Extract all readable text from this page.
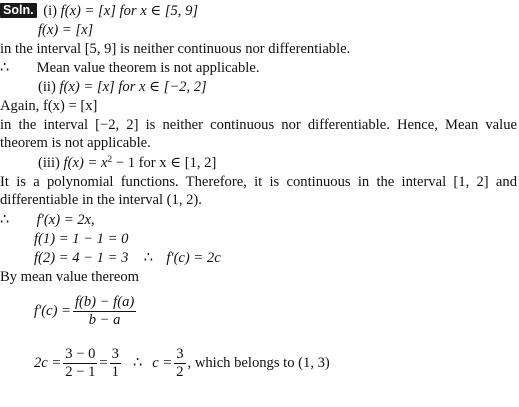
Soln. (i) f(x) = [x] for x ∈ [5, 9]
f(x) = [x]
in the interval [5, 9] is neither continuous nor differentiable.
∴ Mean value theorem is not applicable.
(ii) f(x) = [x] for x ∈ [−2, 2]
Again, f(x) = [x]
in the interval [−2, 2] is neither continuous nor differentiable. Hence, Mean value theorem is not applicable.
(iii) $f(x) = x^2 - 1$ for x ∈ [1, 2]
It is a polynomial functions. Therefore, it is continuous in the interval [1, 2] and differentiable in the interval (1, 2).
∴ f′(x) = 2x,
f(1) = 1 − 1 = 0
f(2) = 4 − 1 = 3 ∴ f′(c) = 2c
By mean value thereom
$f'(c) = \frac{f(b) - f(a)}{b - a}$
$2c = \frac{3 - 0}{2 - 1} = \frac{3}{1}$ ∴ $c = \frac{3}{2}$ , which belongs to (1, 3)
